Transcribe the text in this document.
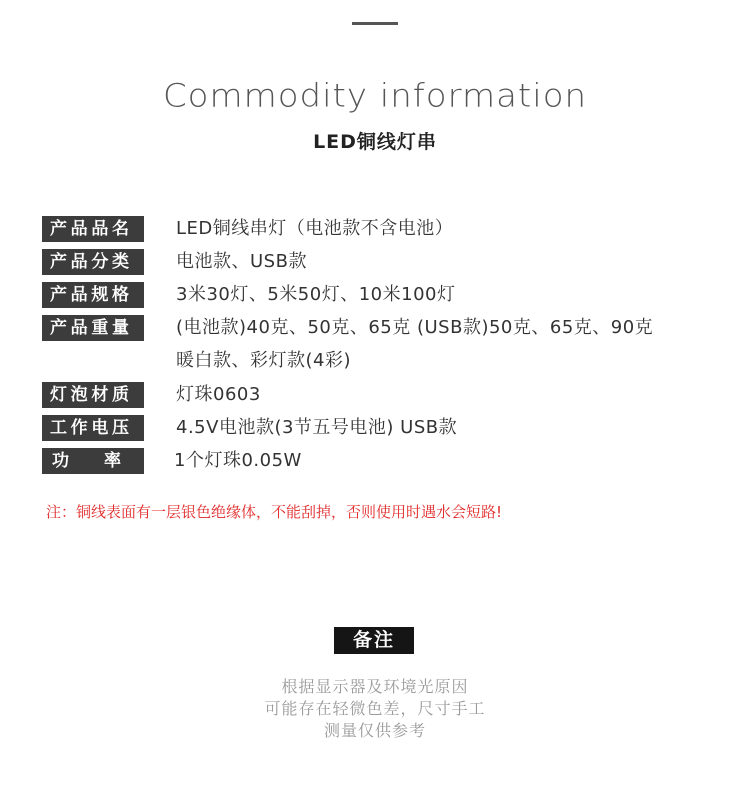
Commodity information
LED铜线灯串
产品品名	LED铜线串灯（电池款不含电池）
产品分类	电池款、USB款
产品规格	3米30灯、5米50灯、10米100灯
产品重量	(电池款)40克、50克、65克 (USB款)50克、65克、90克
暖白款、彩灯款(4彩)
灯泡材质	灯珠0603
工作电压	4.5V电池款(3节五号电池) USB款
功　率	1个灯珠0.05W
注：铜线表面有一层银色绝缘体，不能刮掉，否则使用时遇水会短路!
备注
根据显示器及环境光原因
可能存在轻微色差，尺寸手工
测量仅供参考
